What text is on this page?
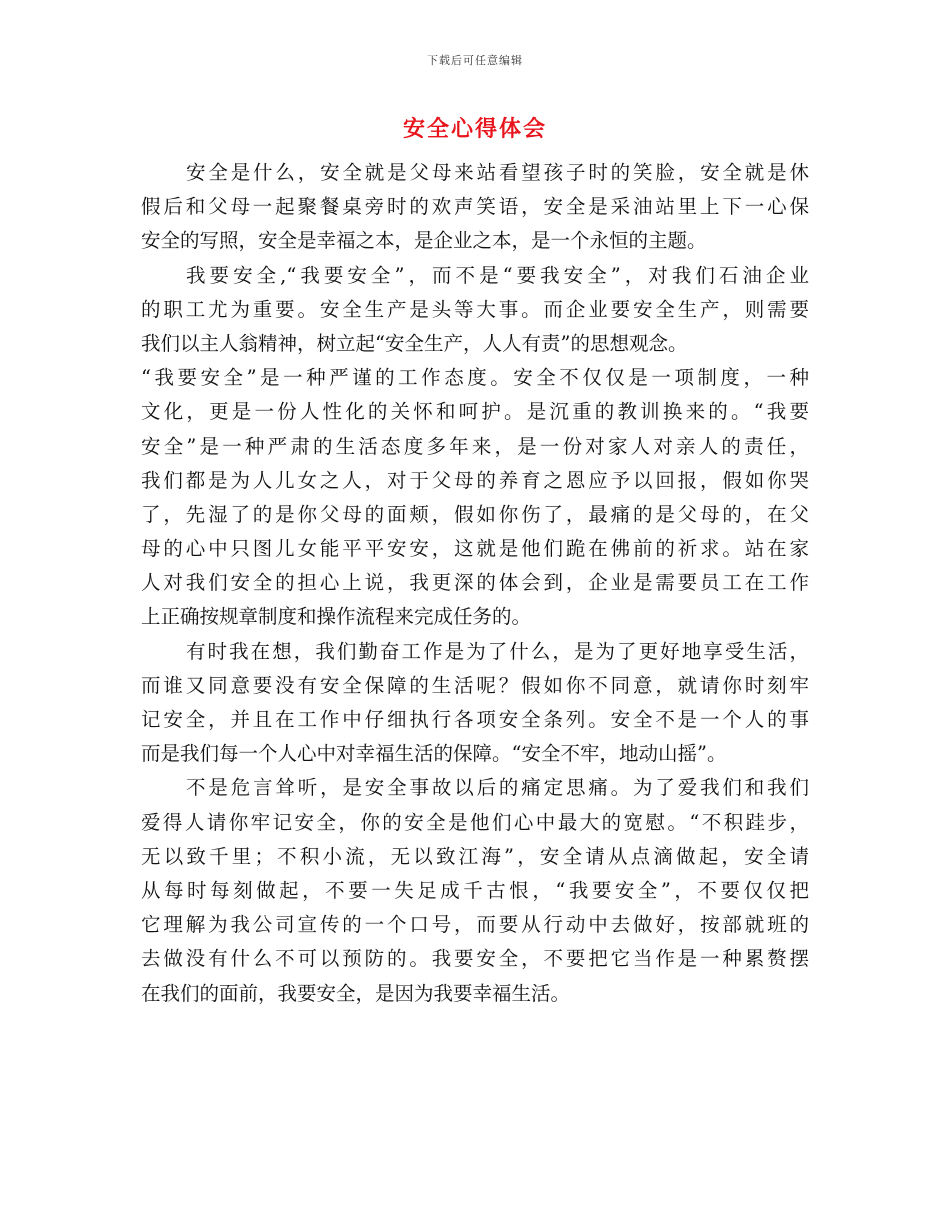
下载后可任意编辑
安全心得体会
安全是什么，安全就是父母来站看望孩子时的笑脸，安全就是休
假后和父母一起聚餐桌旁时的欢声笑语，安全是采油站里上下一心保
安全的写照，安全是幸福之本，是企业之本，是一个永恒的主题。
我要安全,“我要安全”，而不是“要我安全”，对我们石油企业
的职工尤为重要。安全生产是头等大事。而企业要安全生产，则需要
我们以主人翁精神，树立起“安全生产，人人有责”的思想观念。
“我要安全”是一种严谨的工作态度。安全不仅仅是一项制度，一种
文化，更是一份人性化的关怀和呵护。是沉重的教训换来的。“我要
安全”是一种严肃的生活态度多年来，是一份对家人对亲人的责任，
我们都是为人儿女之人，对于父母的养育之恩应予以回报，假如你哭
了，先湿了的是你父母的面颊，假如你伤了，最痛的是父母的，在父
母的心中只图儿女能平平安安，这就是他们跪在佛前的祈求。站在家
人对我们安全的担心上说，我更深的体会到，企业是需要员工在工作
上正确按规章制度和操作流程来完成任务的。
有时我在想，我们勤奋工作是为了什么，是为了更好地享受生活，
而谁又同意要没有安全保障的生活呢？假如你不同意，就请你时刻牢
记安全，并且在工作中仔细执行各项安全条列。安全不是一个人的事
而是我们每一个人心中对幸福生活的保障。“安全不牢，地动山摇”。
不是危言耸听，是安全事故以后的痛定思痛。为了爱我们和我们
爱得人请你牢记安全，你的安全是他们心中最大的宽慰。“不积跬步，
无以致千里；不积小流，无以致江海”，安全请从点滴做起，安全请
从每时每刻做起，不要一失足成千古恨，“我要安全”，不要仅仅把
它理解为我公司宣传的一个口号，而要从行动中去做好，按部就班的
去做没有什么不可以预防的。我要安全，不要把它当作是一种累赘摆
在我们的面前，我要安全，是因为我要幸福生活。
